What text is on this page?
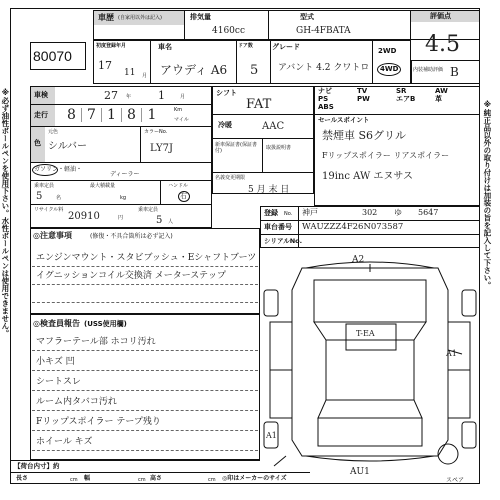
※必ず油性ボールペンを使用下さい。水性ボールペンは使用できません。	※純正品以外の取り付けは加装の旨を記入して下さい。
80070
車歴 (自家用以外は記入)	排気量
4160cc
型式
GH-4FBATA
評価点
4.5
初度登録年月
17
11 月
車名
アウディ A6
ドア数
5
グレード
アバント 4.2 クワトロ
2WD
4WD	内装補助評価 B
車検	27 年 1	月
走行	8 7 1 8 1	Km
マイル
色
元色
シルバー
カラーNo.
LY7J
ガソリン・軽油・
乗車定員
5	名
最大積載量
kg
ハンドル
右
リサイクル料
20910	円
乗車定員
5 人
ディーラー
シフト
FAT
冷暖	AAC
新車保証書(保証書付)	取扱説明書
名義変更期限
5 月 末 日
ナビ	TV	SR	AW
PS	PW	エアB	革
ABS
セールスポイント
禁煙車 S6グリル
Fリップスポイラー リアスポイラー
19inc AW エヌサス
登録 No. 神戸	302 ゆ 5647
車台番号 WAUZZZ4F26N073587
シリアルNo.
◎注意事項	(修復・不具合箇所は必ず記入)
エンジンマウント・スタビブッシュ・Eシャフトブーツ
イグニッションコイル交換済 メーターステップ
◎検査員報告 (USS使用欄)
マフラーテール部 ホコリ汚れ
小キズ 凹
シートスレ
ルーム内タバコ汚れ
Fリップスポイラー テープ残り
ホイール キズ
A2
A1
A1
AU1
T-EA
スペア
【荷台内寸】約
長さ	cm 幅	cm 高さ	cm ◎印はメーカーのサイズ
